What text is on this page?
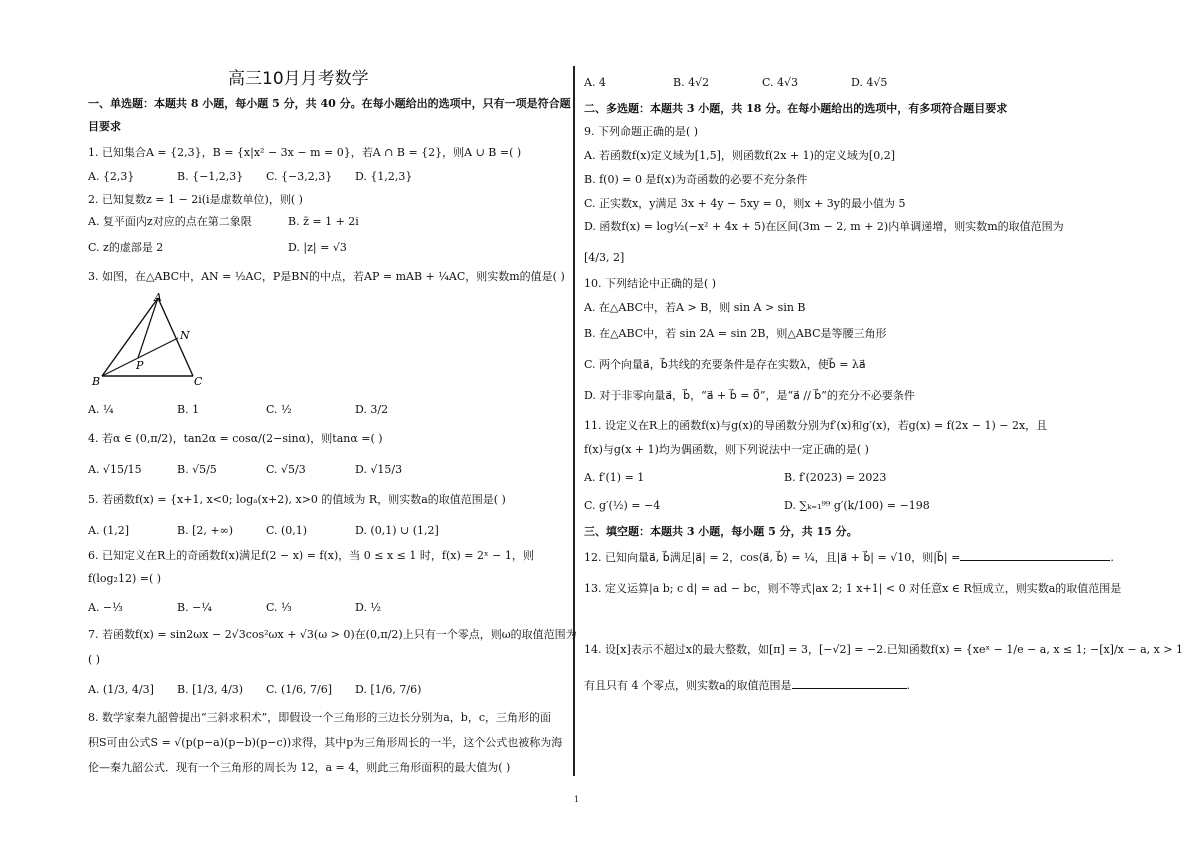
高三10月月考数学
一、单选题：本题共 8 小题，每小题 5 分，共 40 分。在每小题给出的选项中，只有一项是符合题
目要求
1. 已知集合A = {2,3}，B = {x|x² − 3x − m = 0}，若A ∩ B = {2}，则A ∪ B =( )
A. {2,3}	B. {−1,2,3} C. {−3,2,3} D. {1,2,3}
2. 已知复数z = 1 − 2i(i是虚数单位)，则( )
A. 复平面内z对应的点在第二象限	B. z̄ = 1 + 2i
C. z的虚部是 2	D. |z| = √3
3. 如图，在△ABC中，AN = ½AC，P是BN的中点，若AP = mAB + ¼AC，则实数m的值是( )
A. ¼	B. 1	C. ½	D. 3/2
4. 若α ∈ (0,π/2)，tan2α = cosα/(2−sinα)，则tanα =( )
A. √15/15	B. √5/5	C. √5/3	D. √15/3
5. 若函数f(x) = {x+1, x<0; logₐ(x+2), x>0 的值域为 R，则实数a的取值范围是( )
A. (1,2]	B. [2, +∞)	C. (0,1)	D. (0,1) ∪ (1,2]
6. 已知定义在R上的奇函数f(x)满足f(2 − x) = f(x)，当 0 ≤ x ≤ 1 时，f(x) = 2ˣ − 1，则
f(log₂12) =( )
A. −⅓	B. −¼	C. ⅓	D. ½
7. 若函数f(x) = sin2ωx − 2√3cos²ωx + √3(ω > 0)在(0,π/2)上只有一个零点，则ω的取值范围为
( )
A. (1/3, 4/3] B. [1/3, 4/3) C. (1/6, 7/6] D. [1/6, 7/6)
8. 数学家秦九韶曾提出“三斜求积术”，即假设一个三角形的三边长分别为a，b，c，三角形的面
积S可由公式S = √(p(p−a)(p−b)(p−c))求得，其中p为三角形周长的一半，这个公式也被称为海
伦—秦九韶公式．现有一个三角形的周长为 12，a = 4，则此三角形面积的最大值为( )
A. 4	B. 4√2	C. 4√3	D. 4√5
二、多选题：本题共 3 小题，共 18 分。在每小题给出的选项中，有多项符合题目要求
9. 下列命题正确的是( )
A. 若函数f(x)定义域为[1,5]，则函数f(2x + 1)的定义域为[0,2]
B. f(0) = 0 是f(x)为奇函数的必要不充分条件
C. 正实数x，y满足 3x + 4y − 5xy = 0，则x + 3y的最小值为 5
D. 函数f(x) = log½(−x² + 4x + 5)在区间(3m − 2, m + 2)内单调递增，则实数m的取值范围为
[4/3, 2]
10. 下列结论中正确的是( )
A. 在△ABC中，若A > B，则 sin A > sin B
B. 在△ABC中，若 sin 2A = sin 2B，则△ABC是等腰三角形
C. 两个向量a⃗，b⃗共线的充要条件是存在实数λ，使b⃗ = λa⃗
D. 对于非零向量a⃗，b⃗，“a⃗ + b⃗ = 0⃗”，是“a⃗ // b⃗”的充分不必要条件
11. 设定义在R上的函数f(x)与g(x)的导函数分别为f′(x)和g′(x)，若g(x) = f(2x − 1) − 2x，且
f(x)与g(x + 1)均为偶函数，则下列说法中一定正确的是( )
A. f′(1) = 1	B. f′(2023) = 2023
C. g′(½) = −4	D. ∑ₖ₌₁⁹⁹ g′(k/100) = −198
三、填空题：本题共 3 小题，每小题 5 分，共 15 分。
12. 已知向量a⃗, b⃗满足|a⃗| = 2，cos⟨a⃗, b⃗⟩ = ¼，且|a⃗ + b⃗| = √10，则|b⃗| =	.
13. 定义运算|a b; c d| = ad − bc，则不等式|ax 2; 1 x+1| < 0 对任意x ∈ R恒成立，则实数a的取值范围是
14. 设[x]表示不超过x的最大整数，如[π] = 3，[−√2] = −2.已知函数f(x) = {xeˣ − 1/e − a, x ≤ 1; −[x]/x − a, x > 1
有且只有 4 个零点，则实数a的取值范围是	.
A
B	C
N
P
1
